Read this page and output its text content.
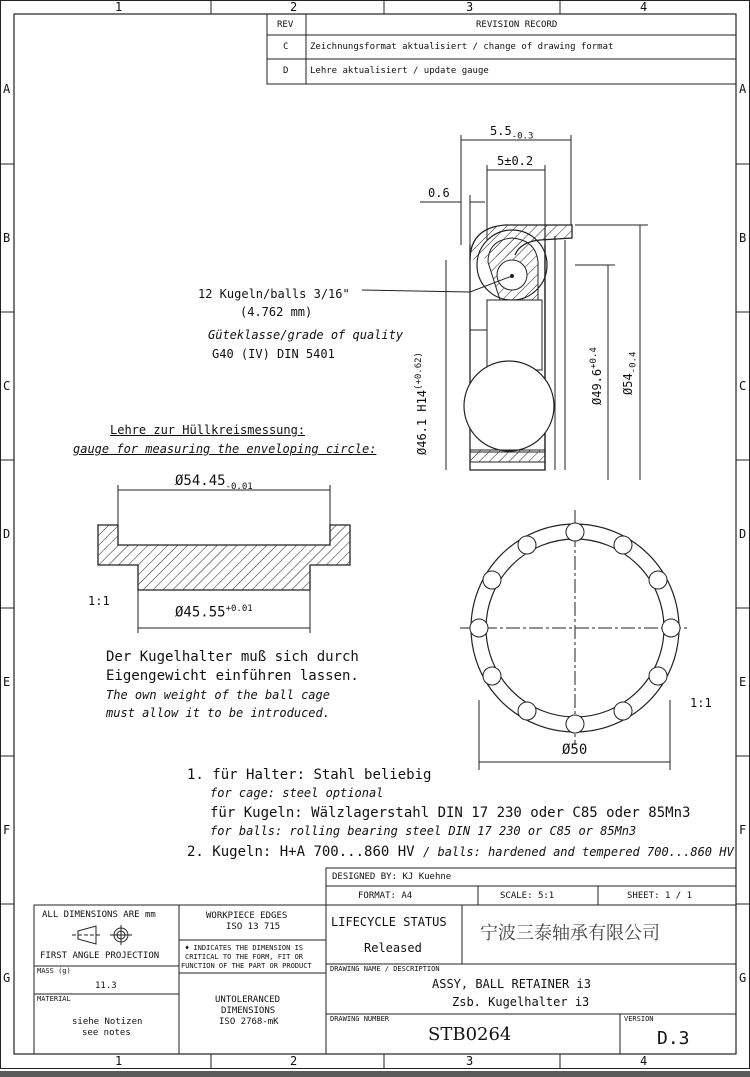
1	2	3	4
1	2	3	4
A
B
C
D
E
F
G
A
B
C
D
E
F
G
REV	REVISION RECORD
C Zeichnungsformat aktualisiert / change of drawing format
D Lehre aktualisiert / update gauge
$5.5_{-0.3}$
5±0.2
0.6
Ø46.1 $H14^{(+0.62)}$	$Ø49.6^{+0.4}$
$Ø54_{-0.4}$
12 Kugeln/balls 3/16"
(4.762 mm)
Güteklasse/grade of quality
G40 (IV) DIN 5401
Lehre zur Hüllkreismessung:
gauge for measuring the enveloping circle:
$Ø54.45_{-0.01}$
$Ø45.55^{+0.01}$
1:1
1:1
Ø50
Der Kugelhalter muß sich durch
Eigengewicht einführen lassen.
The own weight of the ball cage
must allow it to be introduced.
1. für Halter: Stahl beliebig
for cage: steel optional
für Kugeln: Wälzlagerstahl DIN 17 230 oder C85 oder 85Mn3
for balls: rolling bearing steel DIN 17 230 or C85 or 85Mn3
2. Kugeln: H+A 700...860 HV / balls: hardened and tempered 700...860 HV
DESIGNED BY: KJ Kuehne
FORMAT: A4	SCALE: 5:1	SHEET: 1 / 1
ALL DIMENSIONS ARE mm
FIRST ANGLE PROJECTION
WORKPIECE EDGES
ISO 13 715
♦ INDICATES THE DIMENSION IS
CRITICAL TO THE FORM, FIT OR
FUNCTION OF THE PART OR PRODUCT
LIFECYCLE STATUS
Released
宁波三泰轴承有限公司
MASS (g)
11.3
DRAWING NAME / DESCRIPTION
ASSY, BALL RETAINER i3
Zsb. Kugelhalter i3
MATERIAL
siehe Notizen
see notes
UNTOLERANCED
DIMENSIONS
ISO 2768-mK	DRAWING NUMBER
STB0264
VERSION
D.3
